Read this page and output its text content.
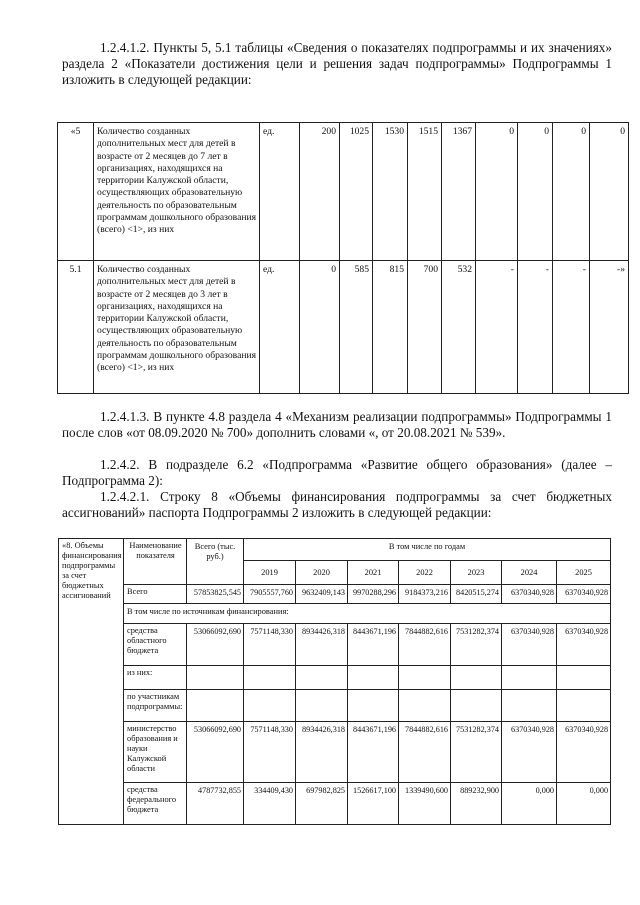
1.2.4.1.2. Пункты 5, 5.1 таблицы «Сведения о показателях подпрограммы и их значениях» раздела 2 «Показатели достижения цели и решения задач подпрограммы» Подпрограммы 1 изложить в следующей редакции:

«5	Количество созданных дополнительных мест для детей в возрасте от 2 месяцев до 7 лет в организациях, находящихся на территории Калужской области, осуществляющих образовательную деятельность по образовательным программам дошкольного образования (всего) <1>, из них	ед.	200	1025	1530	1515	1367	0	0	0	0
5.1	Количество созданных дополнительных мест для детей в возрасте от 2 месяцев до 3 лет в организациях, находящихся на территории Калужской области, осуществляющих образовательную деятельность по образовательным программам дошкольного образования (всего) <1>, из них	ед.	0	585	815	700	532	-	-	-	-»

1.2.4.1.3. В пункте 4.8 раздела 4 «Механизм реализации подпрограммы» Подпрограммы 1 после слов «от 08.09.2020 № 700» дополнить словами «, от 20.08.2021 № 539».

1.2.4.2. В подразделе 6.2 «Подпрограмма «Развитие общего образования» (далее – Подпрограмма 2):

1.2.4.2.1. Строку 8 «Объемы финансирования подпрограммы за счет бюджетных ассигнований» паспорта Подпрограммы 2 изложить в следующей редакции:

«8. Объемы финансирования подпрограммы за счет бюджетных ассигнований	Наименование показателя	Всего (тыс. руб.)	В том числе по годам						
			2019	2020	2021	2022	2023	2024	2025
	Всего	57853825,545	7905557,760	9632409,143	9970288,296	9184373,216	8420515,274	6370340,928	6370340,928
	В том числе по источникам финансирования:								
	средства областного бюджета	53066092,690	7571148,330	8934426,318	8443671,196	7844882,616	7531282,374	6370340,928	6370340,928
	из них:								
	по участникам подпрограммы:								
	министерство образования и науки Калужской области	53066092,690	7571148,330	8934426,318	8443671,196	7844882,616	7531282,374	6370340,928	6370340,928
	средства федерального бюджета	4787732,855	334409,430	697982,825	1526617,100	1339490,600	889232,900	0,000	0,000
